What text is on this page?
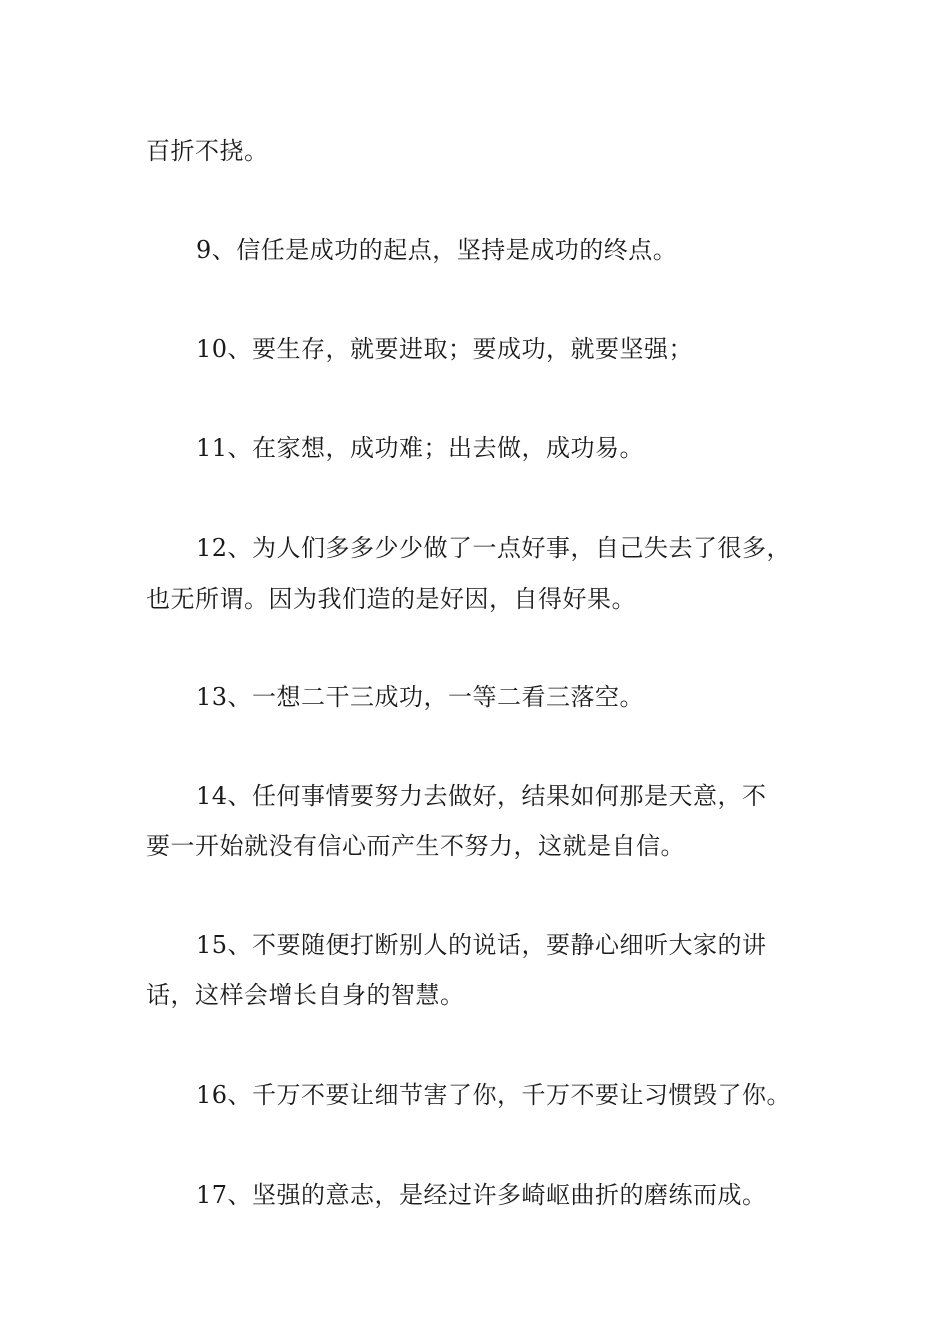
百折不挠。
9、信任是成功的起点，坚持是成功的终点。
10、要生存，就要进取；要成功，就要坚强；
11、在家想，成功难；出去做，成功易。
12、为人们多多少少做了一点好事，自己失去了很多，
也无所谓。因为我们造的是好因，自得好果。
13、一想二干三成功，一等二看三落空。
14、任何事情要努力去做好，结果如何那是天意，不
要一开始就没有信心而产生不努力，这就是自信。
15、不要随便打断别人的说话，要静心细听大家的讲
话，这样会增长自身的智慧。
16、千万不要让细节害了你，千万不要让习惯毁了你。
17、坚强的意志，是经过许多崎岖曲折的磨练而成。
